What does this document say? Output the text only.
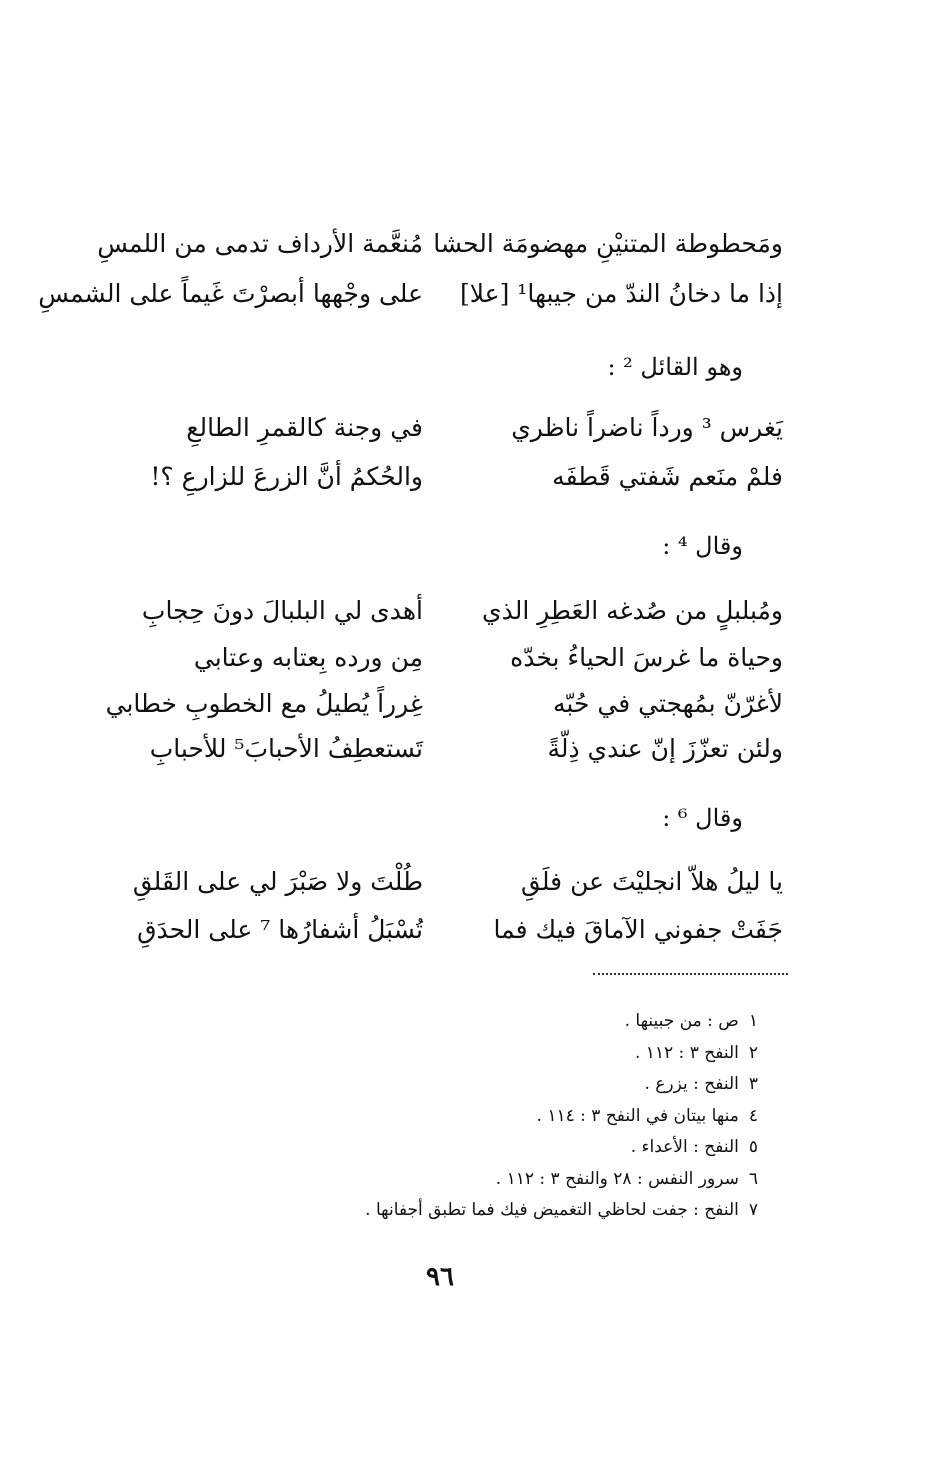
ومَحطوطة المتنيْنِ مهضومَة الحشا
مُنعَّمة الأرداف تدمى من اللمسِ
إذا ما دخانُ الندّ من جيبها¹ [علا]
على وجْهها أبصرْتَ غَيماً على الشمسِ
وهو القائل ² :
يَغرس ³ ورداً ناضراً ناظري
في وجنة كالقمرِ الطالعِ
فلمْ منَعم شَفتي قَطفَه
والحُكمُ أنَّ الزرعَ للزارعِ ؟!
وقال ⁴ :
ومُبلبلٍ من صُدغه العَطِرِ الذي
أهدى لي البلبالَ دونَ حِجابِ
وحياة ما غرسَ الحياءُ بخدّه
مِن ورده بِعتابه وعتابي
لأغرّنّ بمُهجتي في حُبّه
غِرراً يُطيلُ مع الخطوبِ خطابي
ولئن تعزّزَ إنّ عندي ذِلّةً
تَستعطِفُ الأحبابَ⁵ للأحبابِ
وقال ⁶ :
يا ليلُ هلاّ انجليْتَ عن فلَقِ
طُلْتَ ولا صَبْرَ لي على القَلقِ
جَفَتْ جفوني الآماقَ فيك فما
تُسْبَلُ أشفارُها ⁷ على الحدَقِ
١ص : من جبينها .
٢النفح ٣ : ١١٢ .
٣النفح : يزرع .
٤منها بيتان في النفح ٣ : ١١٤ .
٥النفح : الأعداء .
٦سرور النفس : ٢٨ والنفح ٣ : ١١٢ .
٧النفح : جفت لحاظي التغميض فيك فما تطبق أجفانها .
٩٦
